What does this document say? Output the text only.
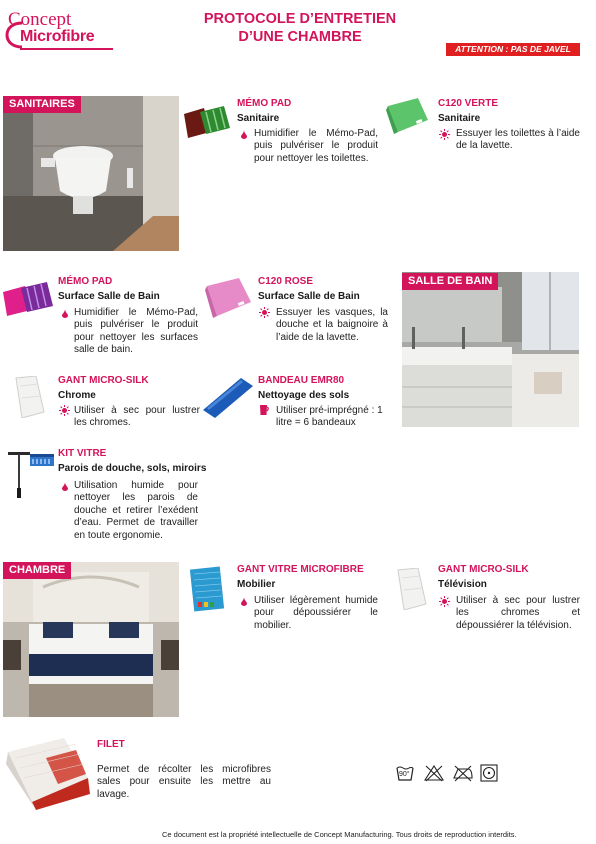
Concept
Microfibre
PROTOCOLE D’ENTRETIEN
D’UNE CHAMBRE
ATTENTION : PAS DE JAVEL
SANITAIRES	MÉMO PAD
Sanitaire
Humidifier le Mémo-Pad, puis pulvériser le produit pour nettoyer les toilettes.
C120 VERTE
Sanitaire
Essuyer les toilettes à l’aide de la lavette.
MÉMO PAD
Surface Salle de Bain
Humidifier le Mémo-Pad, puis pulvériser le produit pour nettoyer les surfaces salle de bain.
C120 ROSE
Surface Salle de Bain
Essuyer les vasques, la douche et la baignoire à l’aide de la lavette.
SALLE DE BAIN
GANT MICRO-SILK
Chrome
Utiliser à sec pour lustrer les chromes.
BANDEAU EMR80
Nettoyage des sols
Utiliser pré-imprégné : 1 litre = 6 bandeaux
KIT VITRE
Parois de douche, sols, miroirs
Utilisation humide pour nettoyer les parois de douche et retirer l’exédent d’eau. Permet de travailler en toute ergonomie.
CHAMBRE	GANT VITRE MICROFIBRE
Mobilier
Utiliser légèrement humide pour dépoussiérer le mobilier.
GANT MICRO-SILK
Télévision
Utiliser à sec pour lustrer les chromes et dépoussiérer la télévision.
FILET
Permet de récolter les microfibres sales pour ensuite les mettre au lavage.
90°
Ce document est la propriété intellectuelle de Concept Manufacturing. Tous droits de reproduction interdits.
